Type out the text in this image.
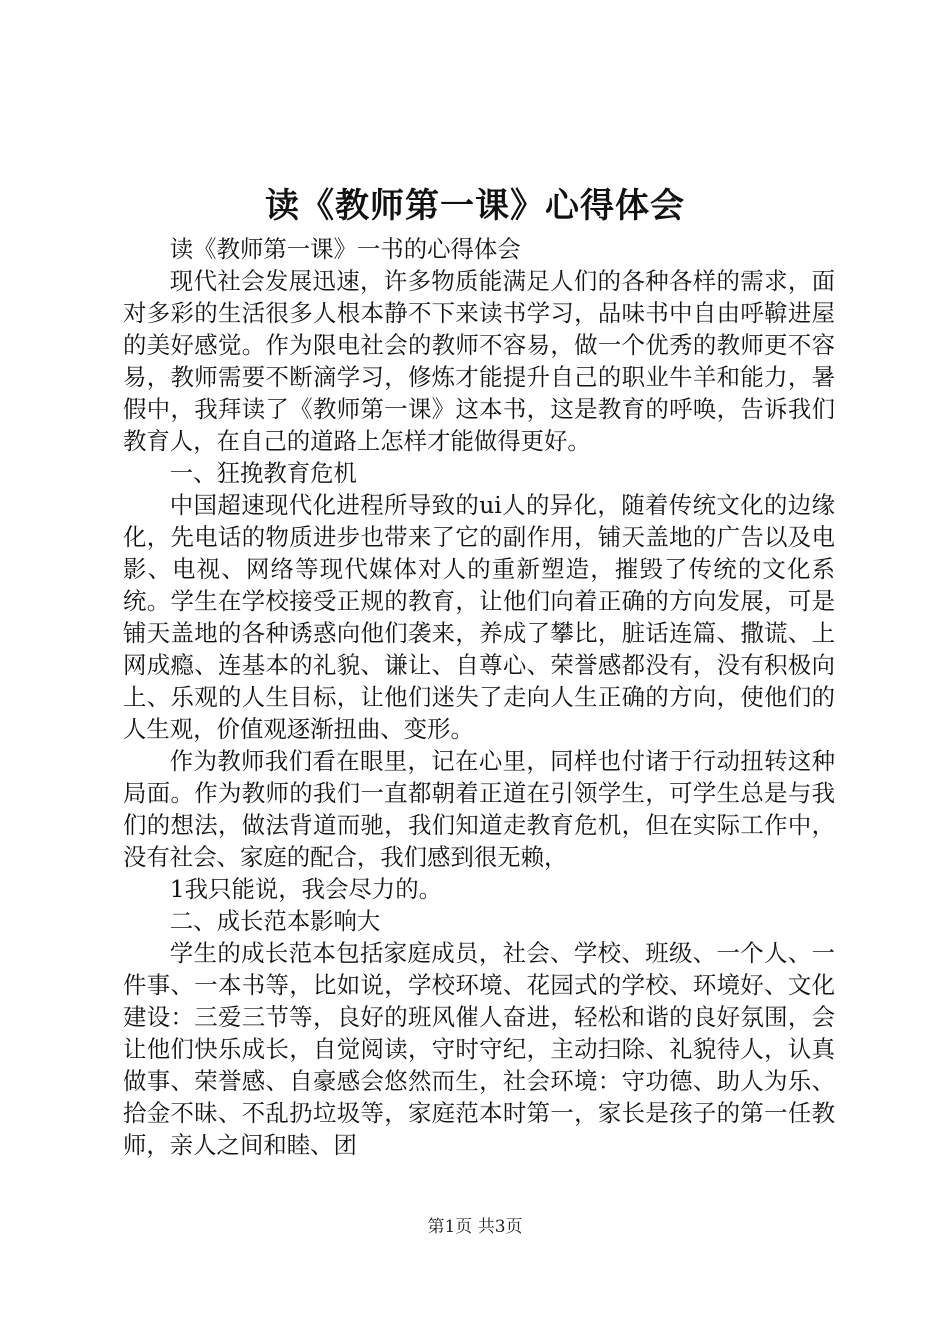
读《教师第一课》心得体会

读《教师第一课》一书的心得体会

现代社会发展迅速，许多物质能满足人们的各种各样的需求，面对多彩的生活很多人根本静不下来读书学习，品味书中自由呼鞥进屋的美好感觉。作为限电社会的教师不容易，做一个优秀的教师更不容易，教师需要不断滴学习，修炼才能提升自己的职业牛羊和能力，暑假中，我拜读了《教师第一课》这本书，这是教育的呼唤，告诉我们教育人，在自己的道路上怎样才能做得更好。

一、狂挽教育危机

中国超速现代化进程所导致的ui人的异化，随着传统文化的边缘化，先电话的物质进步也带来了它的副作用，铺天盖地的广告以及电影、电视、网络等现代媒体对人的重新塑造，摧毁了传统的文化系统。学生在学校接受正规的教育，让他们向着正确的方向发展，可是铺天盖地的各种诱惑向他们袭来，养成了攀比，脏话连篇、撒谎、上网成瘾、连基本的礼貌、谦让、自尊心、荣誉感都没有，没有积极向上、乐观的人生目标，让他们迷失了走向人生正确的方向，使他们的人生观，价值观逐渐扭曲、变形。

作为教师我们看在眼里，记在心里，同样也付诸于行动扭转这种局面。作为教师的我们一直都朝着正道在引领学生，可学生总是与我们的想法，做法背道而驰，我们知道走教育危机，但在实际工作中，没有社会、家庭的配合，我们感到很无赖，

1我只能说，我会尽力的。

二、成长范本影响大

学生的成长范本包括家庭成员，社会、学校、班级、一个人、一件事、一本书等，比如说，学校环境、花园式的学校、环境好、文化建设：三爱三节等，良好的班风催人奋进，轻松和谐的良好氛围，会让他们快乐成长，自觉阅读，守时守纪，主动扫除、礼貌待人，认真做事、荣誉感、自豪感会悠然而生，社会环境：守功德、助人为乐、拾金不昧、不乱扔垃圾等，家庭范本时第一，家长是孩子的第一任教师，亲人之间和睦、团

第1页 共3页
